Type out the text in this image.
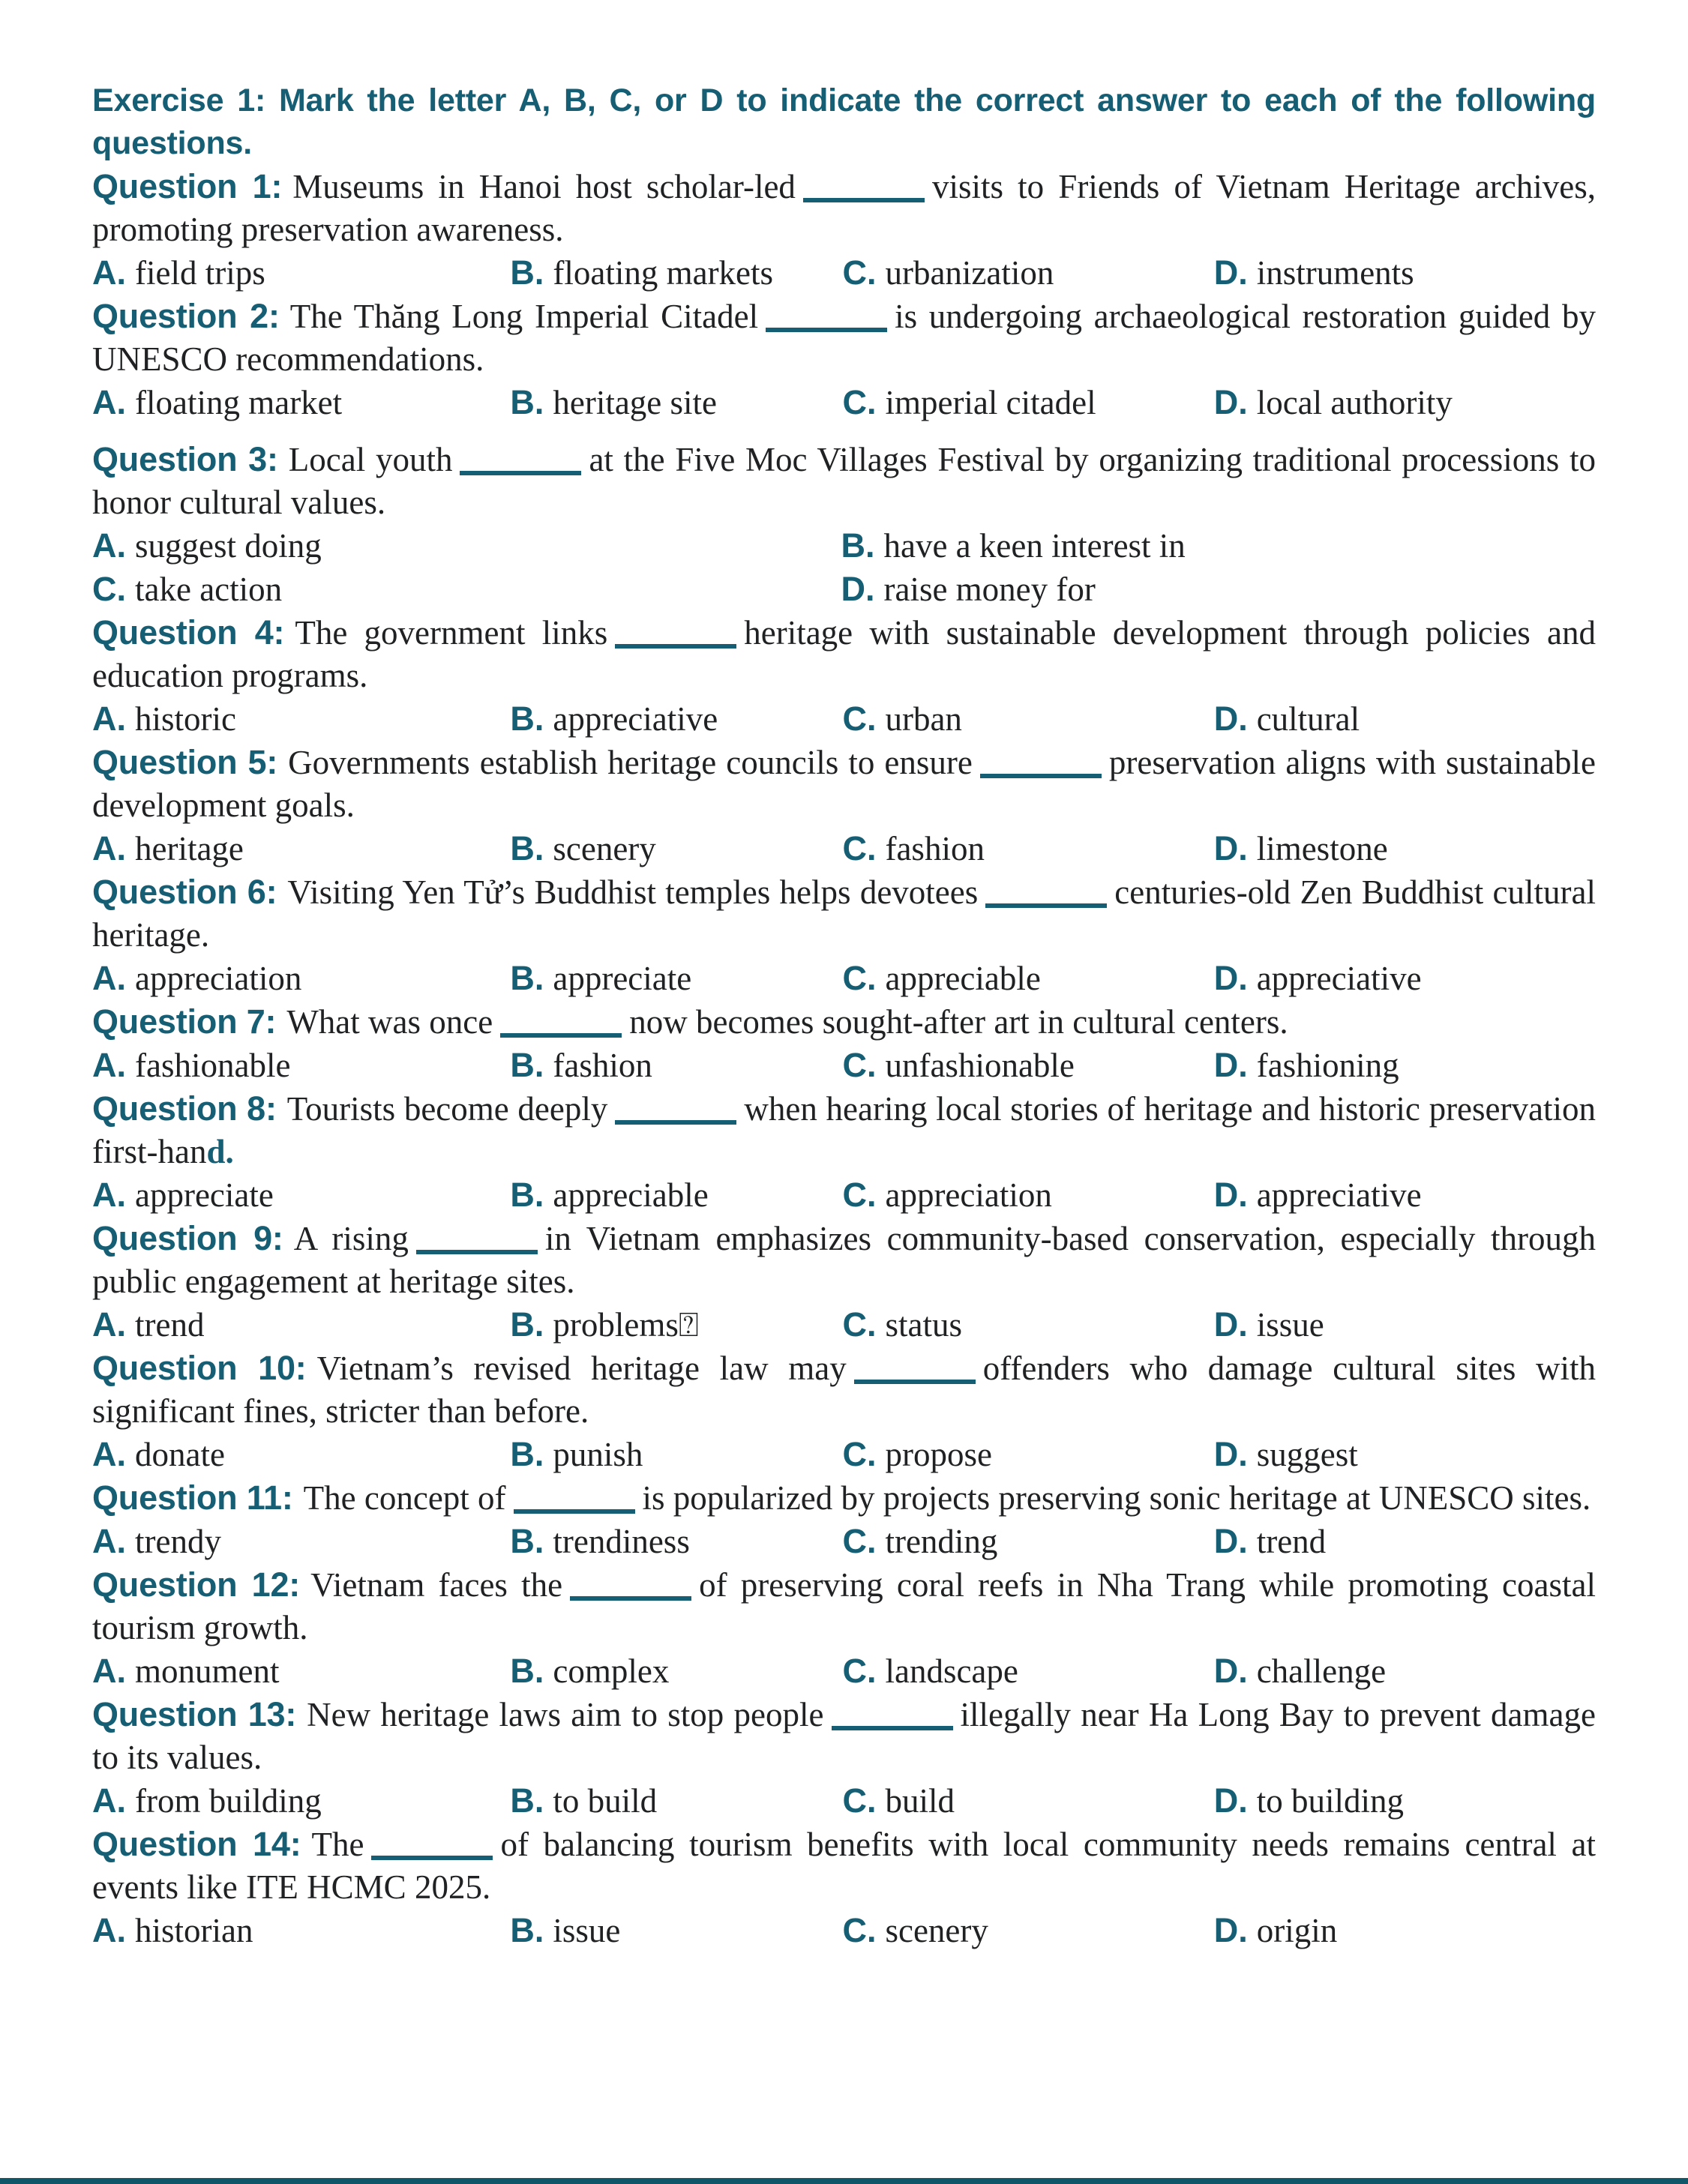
Exercise 1: Mark the letter A, B, C, or D to indicate the correct answer to each of the following questions.
Question 1: Museums in Hanoi host scholar-led	visits to Friends of Vietnam Heritage archives, promoting preservation awareness.
A. field trips	B. floating markets	C. urbanization	D. instruments
Question 2: The Thăng Long Imperial Citadel	is undergoing archaeological restoration guided by UNESCO recommendations.
A. floating market	B. heritage site	C. imperial citadel	D. local authority
Question 3: Local youth	at the Five Moc Villages Festival by organizing traditional processions to honor cultural values.
A. suggest doing	B. have a keen interest in
C. take action	D. raise money for
Question 4: The government links	heritage with sustainable development through policies and education programs.
A. historic	B. appreciative	C. urban	D. cultural
Question 5: Governments establish heritage councils to ensure	preservation aligns with sustainable development goals.
A. heritage	B. scenery	C. fashion	D. limestone
Question 6: Visiting Yen Tử’s Buddhist temples helps devotees	centuries-old Zen Buddhist cultural heritage.
A. appreciation	B. appreciate	C. appreciable	D. appreciative
Question 7: What was once	now becomes sought-after art in cultural centers.
A. fashionable	B. fashion	C. unfashionable	D. fashioning
Question 8: Tourists become deeply	when hearing local stories of heritage and historic preservation first-hand.
A. appreciate	B. appreciable	C. appreciation	D. appreciative
Question 9: A rising	in Vietnam emphasizes community-based conservation, especially through public engagement at heritage sites.
A. trend	B. problems⍰	C. status	D. issue
Question 10: Vietnam’s revised heritage law may	offenders who damage cultural sites with significant fines, stricter than before.
A. donate	B. punish	C. propose	D. suggest
Question 11: The concept of	is popularized by projects preserving sonic heritage at UNESCO sites.
A. trendy	B. trendiness	C. trending	D. trend
Question 12: Vietnam faces the	of preserving coral reefs in Nha Trang while promoting coastal tourism growth.
A. monument	B. complex	C. landscape	D. challenge
Question 13: New heritage laws aim to stop people	illegally near Ha Long Bay to prevent damage to its values.
A. from building	B. to build	C. build	D. to building
Question 14: The	of balancing tourism benefits with local community needs remains central at events like ITE HCMC 2025.
A. historian	B. issue	C. scenery	D. origin
